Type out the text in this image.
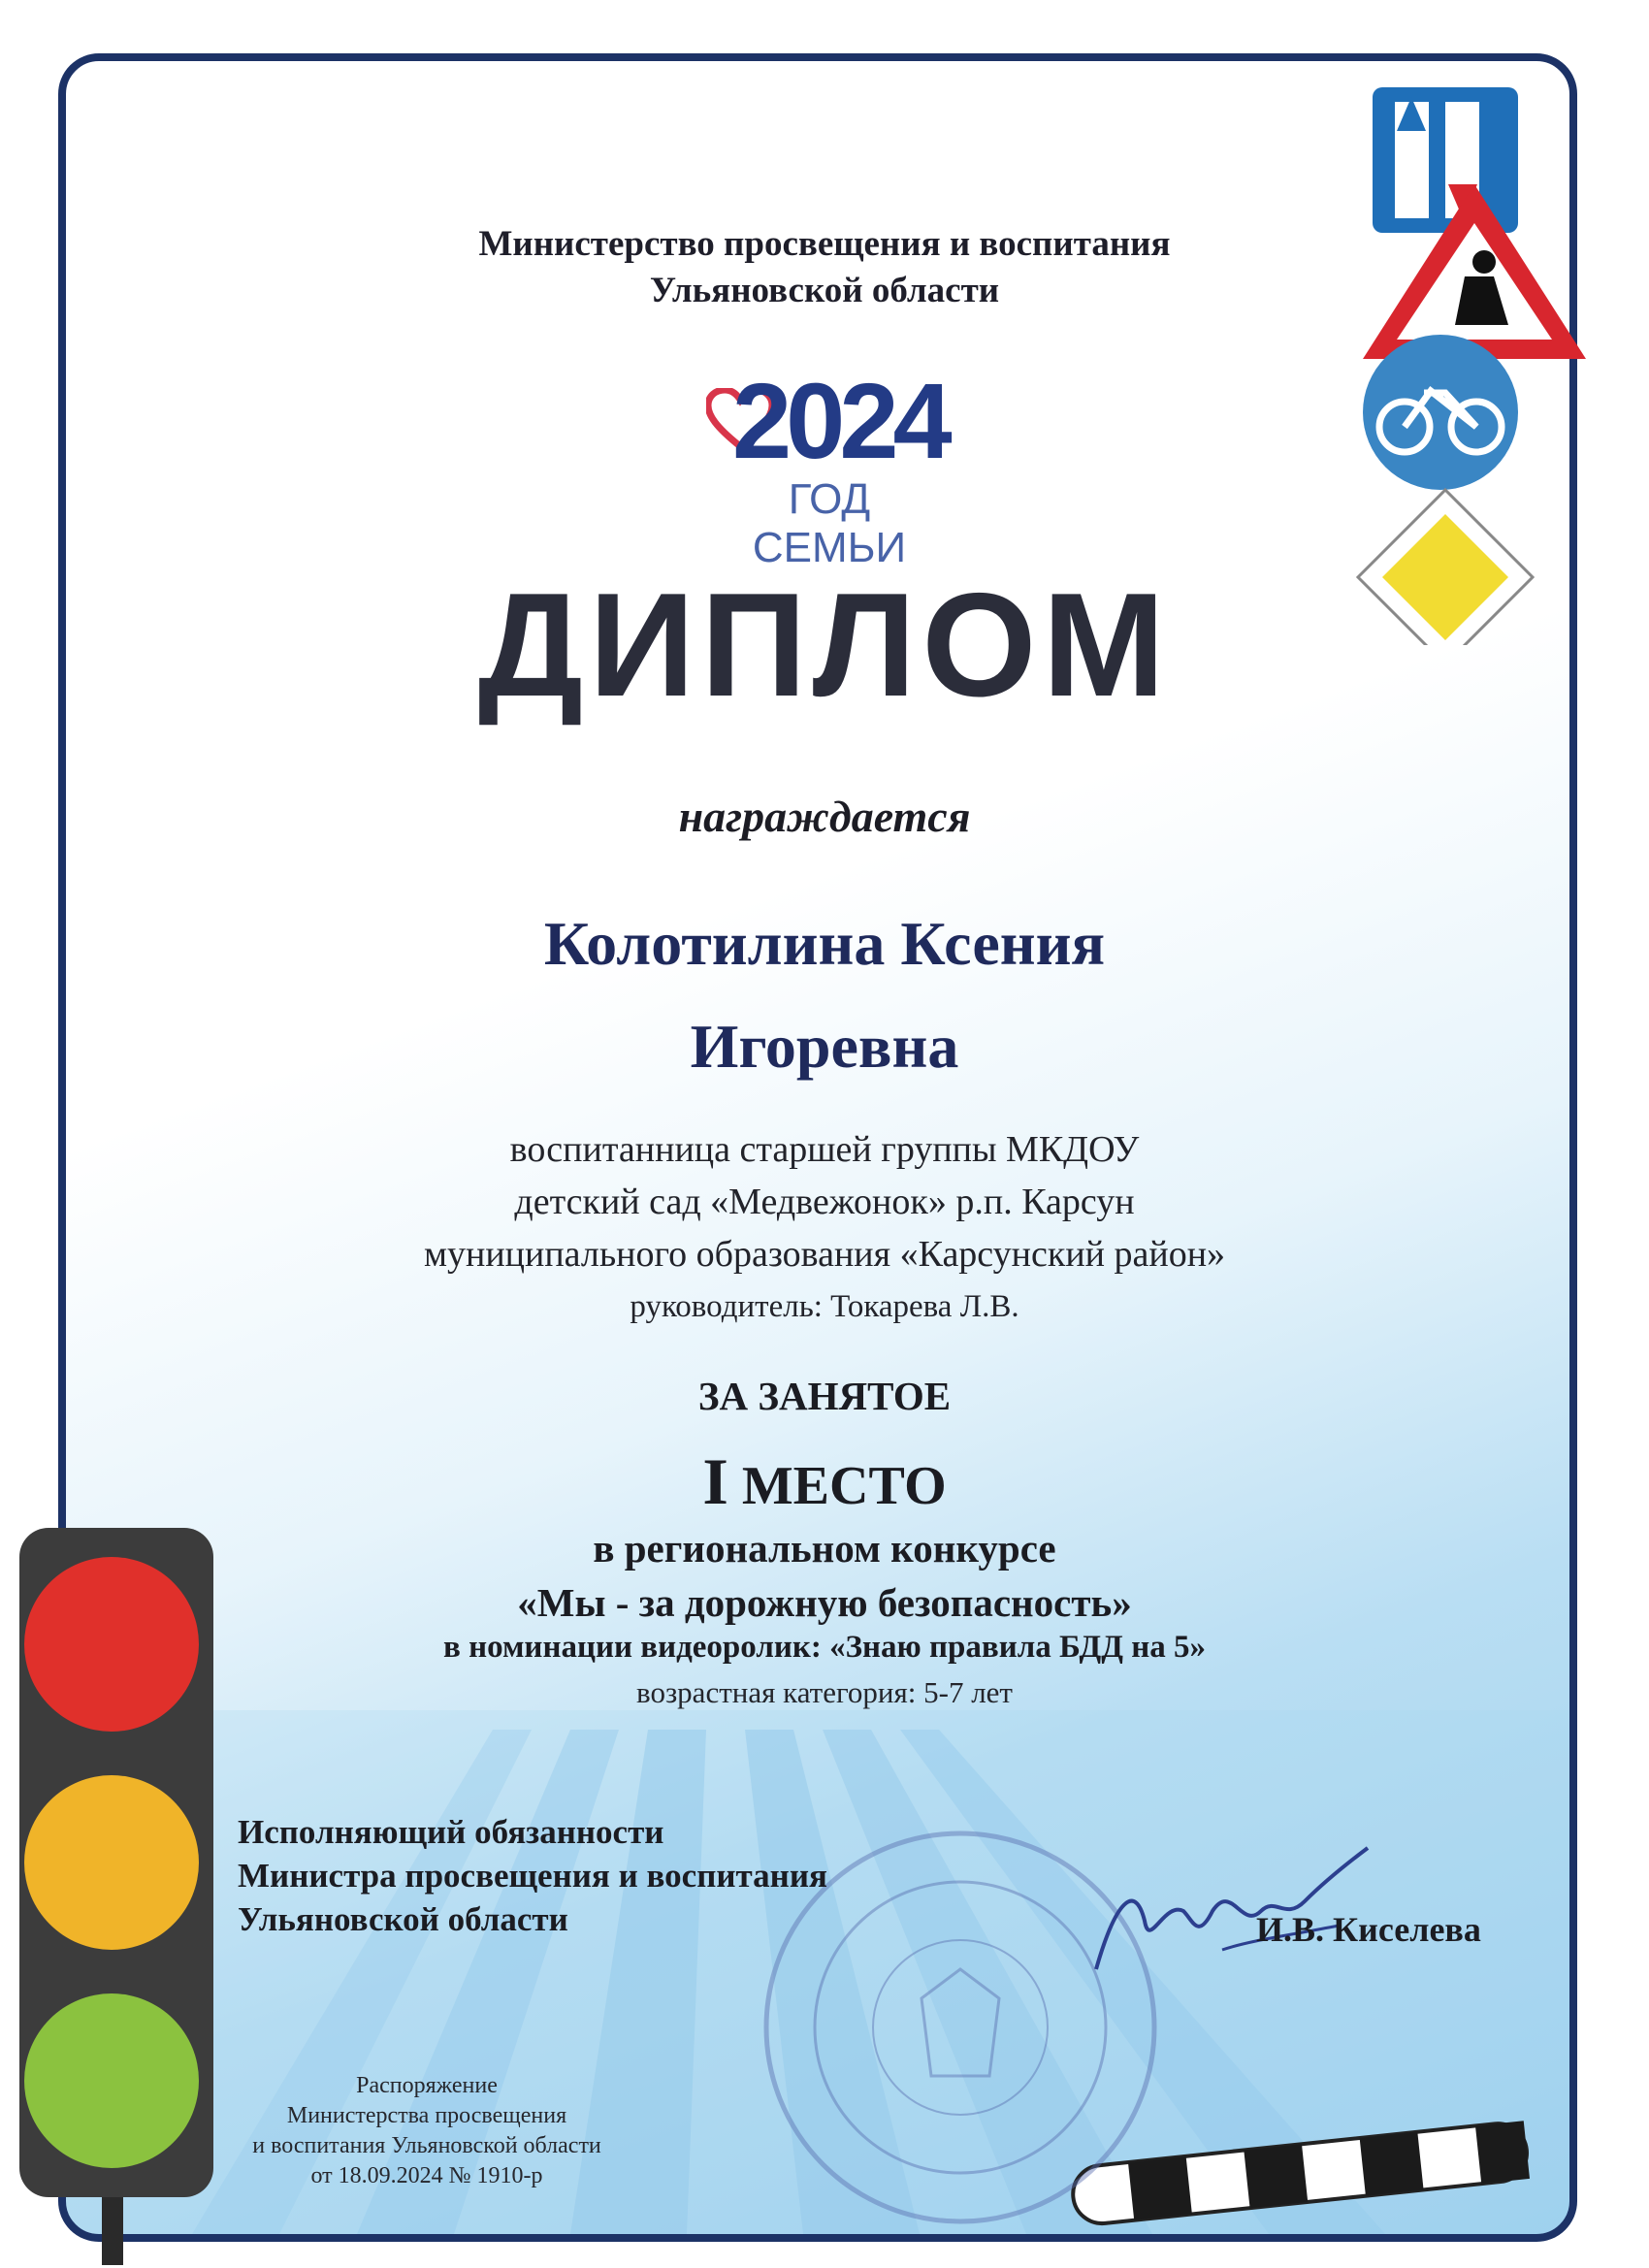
Министерство просвещения и воспитания
Ульяновской области
2024
ГОД СЕМЬИ
ДИПЛОМ
награждается
Колотилина Ксения
Игоревна
воспитанница старшей группы МКДОУ
детский сад «Медвежонок» р.п. Карсун
муниципального образования «Карсунский район»
руководитель: Токарева Л.В.
ЗА ЗАНЯТОЕ
I МЕСТО
в региональном конкурсе
«Мы - за дорожную безопасность»
в номинации видеоролик: «Знаю правила БДД на 5»
возрастная категория: 5-7 лет
Исполняющий обязанности
Министра просвещения и воспитания
Ульяновской области	И.В. Киселева
Распоряжение
Министерства просвещения
и воспитания Ульяновской области
от 18.09.2024 № 1910-р
